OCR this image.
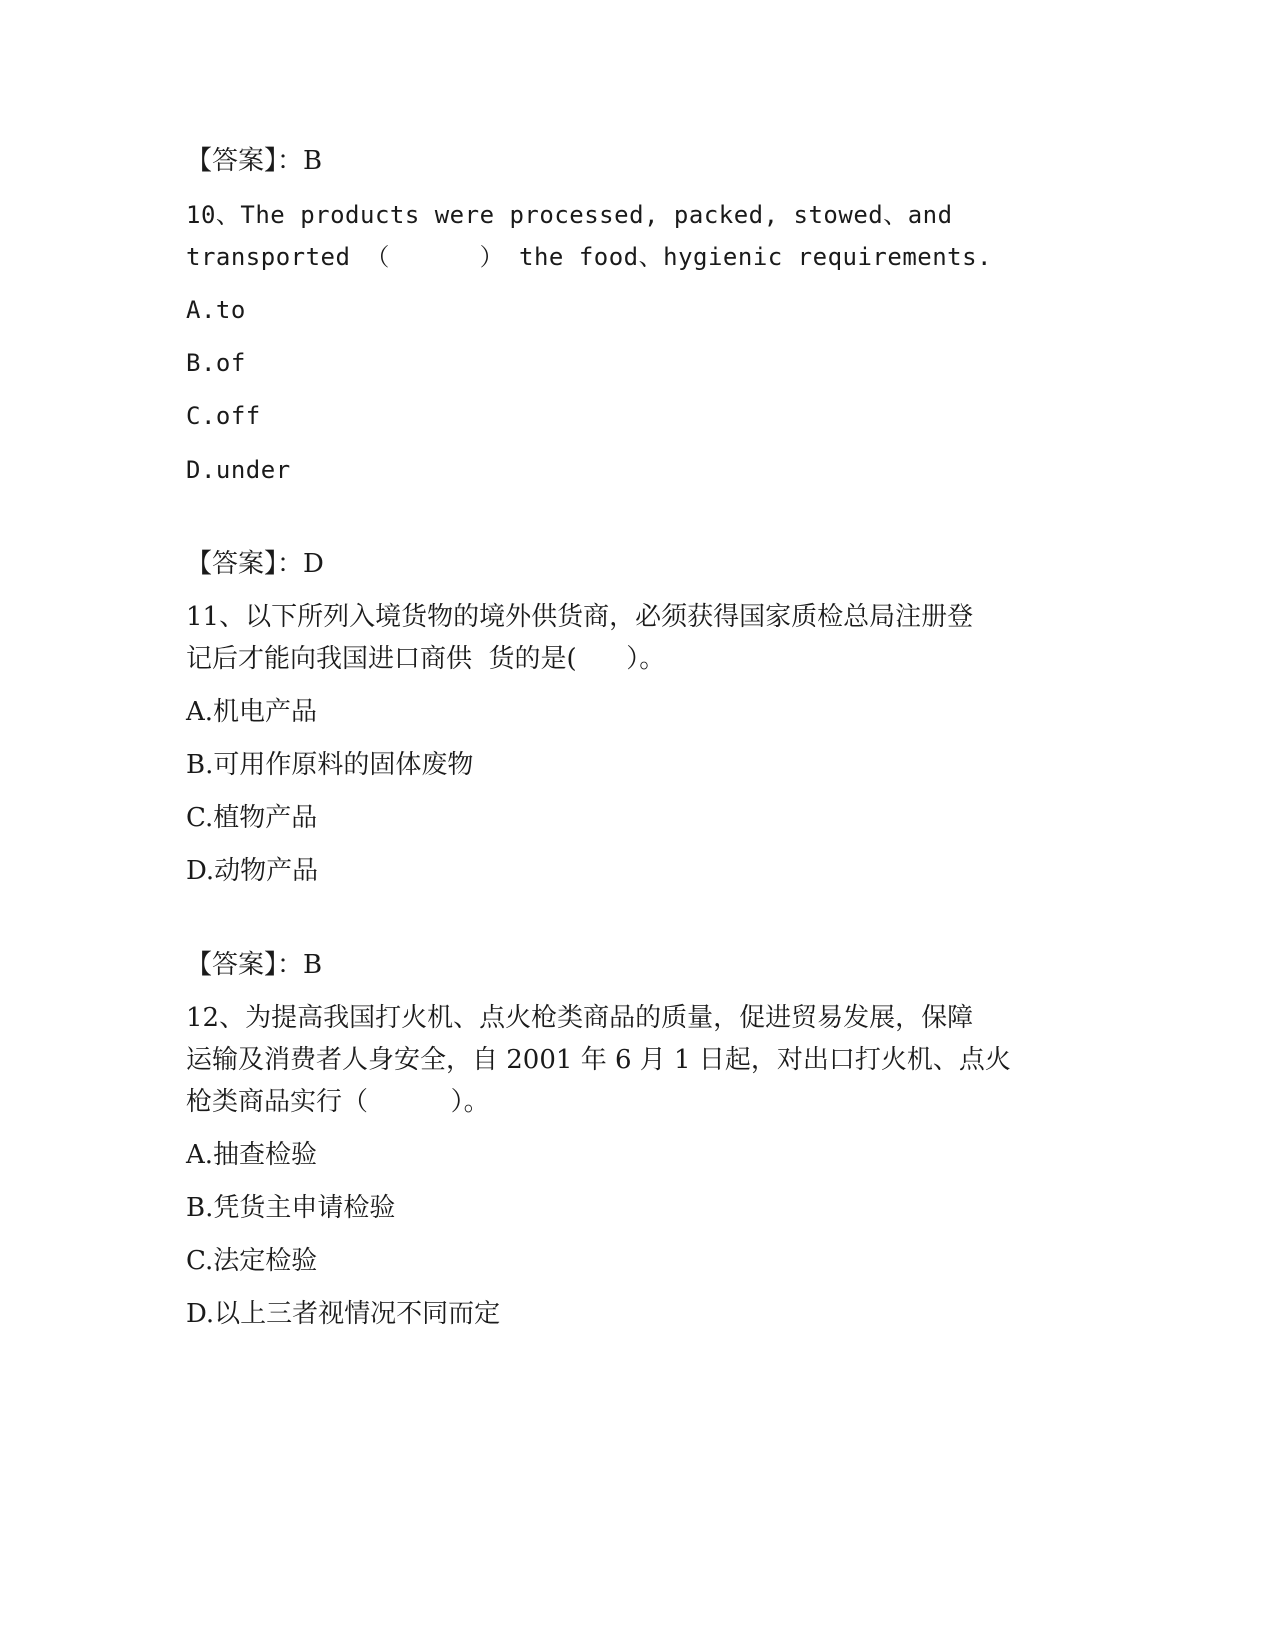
【答案】：B
10、The products were processed, packed, stowed、and
transported （      ） the food、hygienic requirements.
A.to
B.of
C.off
D.under
【答案】：D
11、以下所列入境货物的境外供货商，必须获得国家质检总局注册登
记后才能向我国进口商供  货的是(      ）。
A.机电产品
B.可用作原料的固体废物
C.植物产品
D.动物产品
【答案】：B
12、为提高我国打火机、点火枪类商品的质量，促进贸易发展，保障
运输及消费者人身安全，自 2001 年 6 月 1 日起，对出口打火机、点火
枪类商品实行（          ）。
A.抽查检验
B.凭货主申请检验
C.法定检验
D.以上三者视情况不同而定
